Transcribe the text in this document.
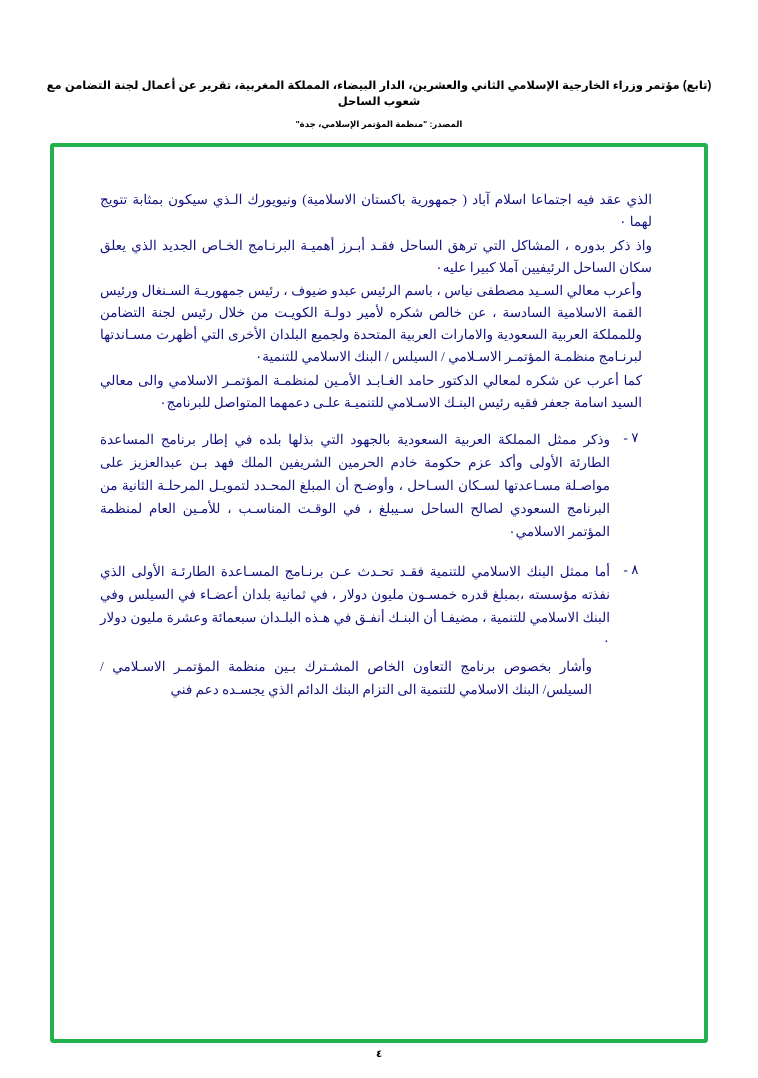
(تابع) مؤتمر وزراء الخارجية الإسلامي الثاني والعشرين، الدار البيضاء، المملكة المغربية، تقرير عن أعمال لجنة التضامن مع شعوب الساحل
المصدر: "منظمة المؤتمر الإسلامي، جدة"

الذي عقد فيه اجتماعا اسلام آباد ( جمهورية باكستان الاسلامية) ونيويورك الـذي سيكون بمثابة تتويج لهما ٠

واذ ذكر بدوره ، المشاكل التي ترهق الساحل فقـد أبـرز أهميـة البرنـامج الخـاص الجديد الذي يعلق سكان الساحل الرئيفيين آملا كبيرا عليه٠

وأعرب معالي السـيد مصطفى نياس ، باسم الرئيس عبدو ضيوف ، رئيس جمهوريـة السـنغال ورئيس القمة الاسلامية السادسة ، عن خالص شكره لأمير دولـة الكويـت من خلال رئيس لجنة التضامن وللمملكة العربية السعودية والامارات العربية المتحدة ولجميع البلدان الأخرى التي أظهرت مسـاندتها لبرنـامج منظمـة المؤتمـر الاسـلامي / السيلس / البنك الاسلامي للتنمية٠

كما أعرب عن شكره لمعالي الدكتور حامد الغـابـد الأمـين لمنظمـة المؤتمـر الاسلامي والى معالي السيد اسامة جعفر فقيه رئيس البنـك الاسـلامي للتنميـة علـى دعمهما المتواصل للبرنامج٠

٧ -

وذكر ممثل المملكة العربية السعودية بالجهود التي بذلها بلده في إطار برنامج المساعدة الطارئة الأولى وأكد عزم حكومة خادم الحرمين الشريفين الملك فهد بـن عبدالعزيز على مواصـلة مسـاعدتها لسـكان السـاحل ، وأوضـح أن المبلغ المحـدد لتمويـل المرحلـة الثانية من البرنامج السعودي لصالح الساحل سـيبلغ ، في الوقـت المناسـب ، للأمـين العام لمنظمة المؤتمر الاسلامي٠

٨ -

أما ممثل البنك الاسلامي للتنمية فقـد تحـدث عـن برنـامج المسـاعدة الطارئـة الأولى الذي نفذته مؤسسته ،بمبلغ قدره خمسـون مليون دولار ، في ثمانية بلدان أعضـاء في السيلس وفي البنك الاسلامي للتنمية ، مضيفـا أن البنـك أنفـق في هـذه البلـدان سبعمائة وعشرة مليون دولار ٠

وأشار بخصوص برنامج التعاون الخاص المشـترك بـين منظمة المؤتمـر الاسـلامي / السيلس/ البنك الاسلامي للتنمية الى التزام البنك الدائم الذي يجسـده دعم فني

٤
